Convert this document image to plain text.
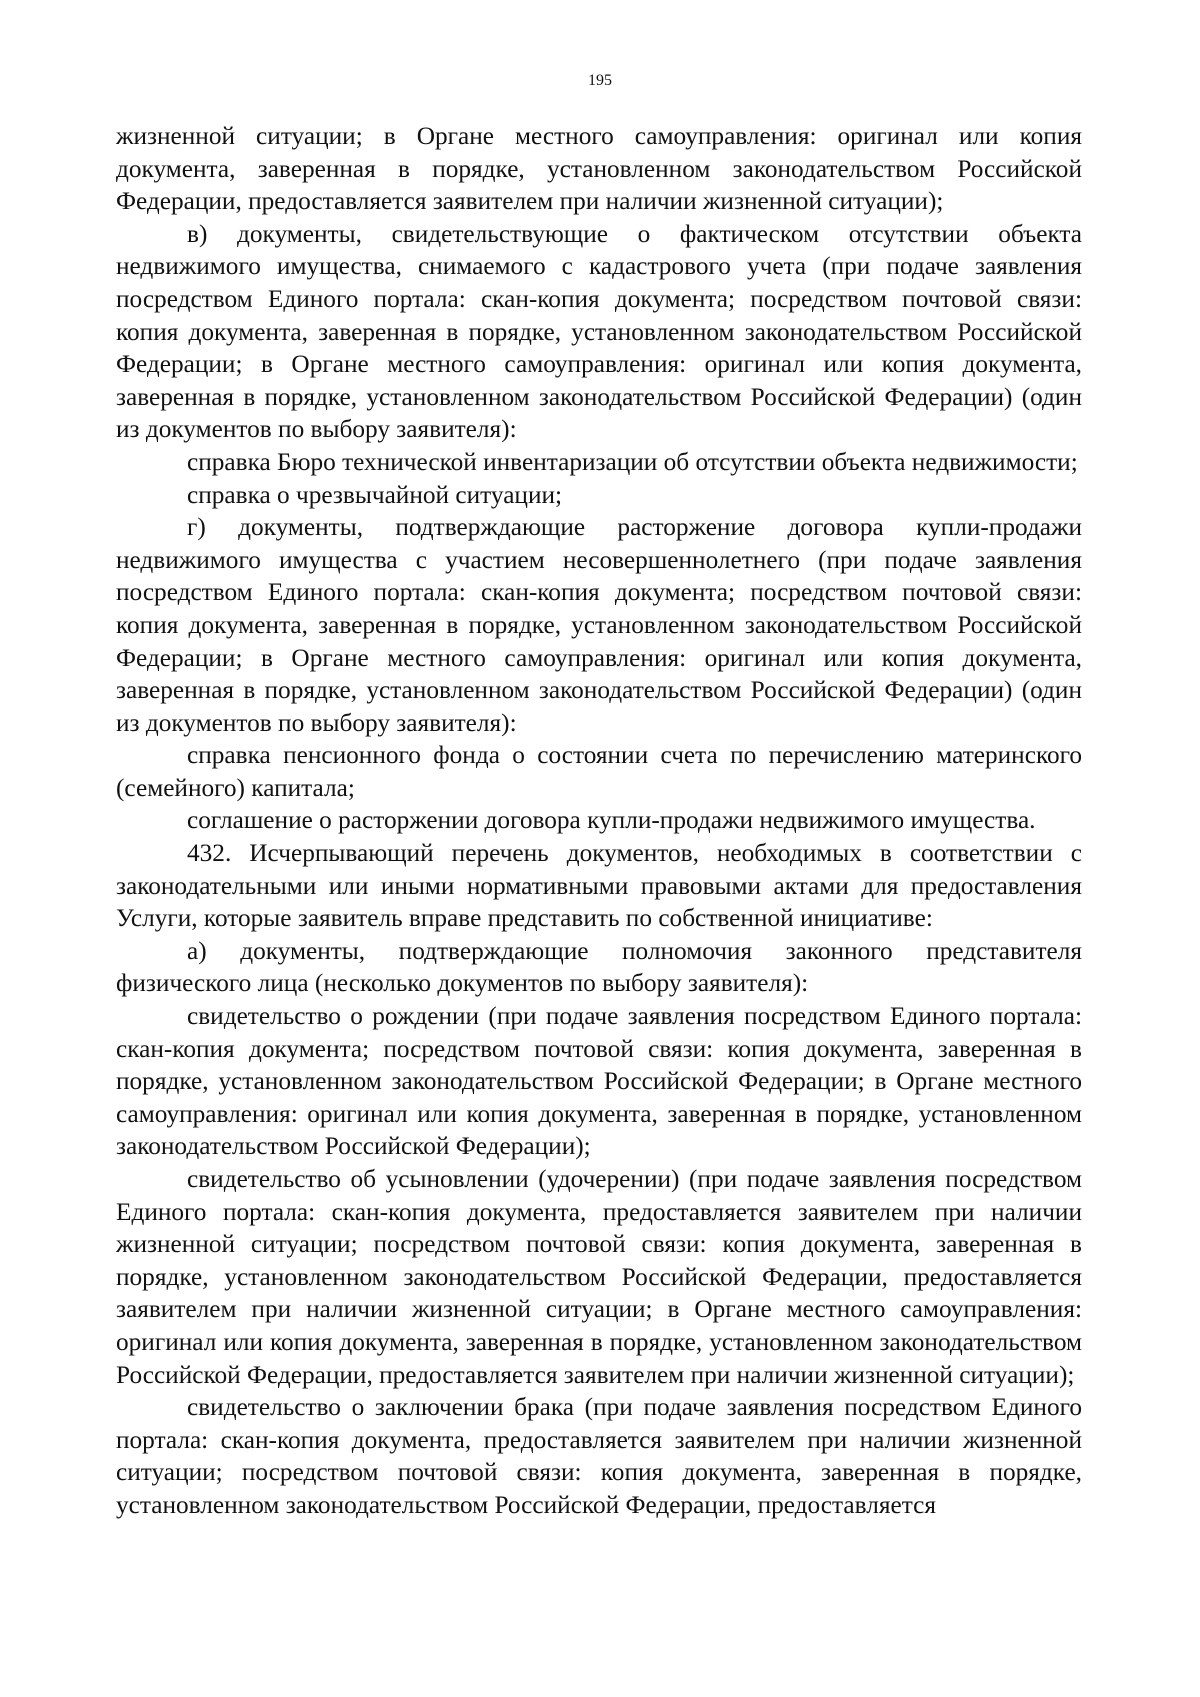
195

жизненной ситуации; в Органе местного самоуправления: оригинал или копия документа, заверенная в порядке, установленном законодательством Российской Федерации, предоставляется заявителем при наличии жизненной ситуации);

в) документы, свидетельствующие о фактическом отсутствии объекта недвижимого имущества, снимаемого с кадастрового учета (при подаче заявления посредством Единого портала: скан-копия документа; посредством почтовой связи: копия документа, заверенная в порядке, установленном законодательством Российской Федерации; в Органе местного самоуправления: оригинал или копия документа, заверенная в порядке, установленном законодательством Российской Федерации) (один из документов по выбору заявителя):

справка Бюро технической инвентаризации об отсутствии объекта недвижимости;

справка о чрезвычайной ситуации;

г) документы, подтверждающие расторжение договора купли-продажи недвижимого имущества с участием несовершеннолетнего (при подаче заявления посредством Единого портала: скан-копия документа; посредством почтовой связи: копия документа, заверенная в порядке, установленном законодательством Российской Федерации; в Органе местного самоуправления: оригинал или копия документа, заверенная в порядке, установленном законодательством Российской Федерации) (один из документов по выбору заявителя):

справка пенсионного фонда о состоянии счета по перечислению материнского (семейного) капитала;

соглашение о расторжении договора купли-продажи недвижимого имущества.

432. Исчерпывающий перечень документов, необходимых в соответствии с законодательными или иными нормативными правовыми актами для предоставления Услуги, которые заявитель вправе представить по собственной инициативе:

а) документы, подтверждающие полномочия законного представителя физического лица (несколько документов по выбору заявителя):

свидетельство о рождении (при подаче заявления посредством Единого портала: скан-копия документа; посредством почтовой связи: копия документа, заверенная в порядке, установленном законодательством Российской Федерации; в Органе местного самоуправления: оригинал или копия документа, заверенная в порядке, установленном законодательством Российской Федерации);

свидетельство об усыновлении (удочерении) (при подаче заявления посредством Единого портала: скан-копия документа, предоставляется заявителем при наличии жизненной ситуации; посредством почтовой связи: копия документа, заверенная в порядке, установленном законодательством Российской Федерации, предоставляется заявителем при наличии жизненной ситуации; в Органе местного самоуправления: оригинал или копия документа, заверенная в порядке, установленном законодательством Российской Федерации, предоставляется заявителем при наличии жизненной ситуации);

свидетельство о заключении брака (при подаче заявления посредством Единого портала: скан-копия документа, предоставляется заявителем при наличии жизненной ситуации; посредством почтовой связи: копия документа, заверенная в порядке, установленном законодательством Российской Федерации, предоставляется
